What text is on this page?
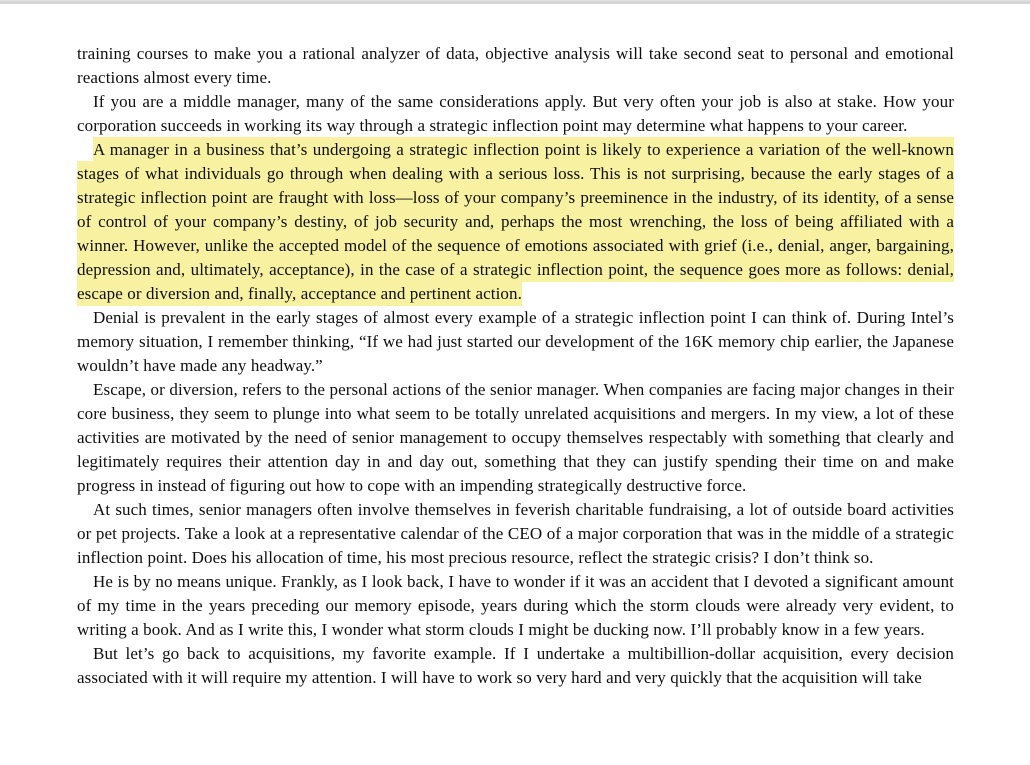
training courses to make you a rational analyzer of data, objective analysis will take second seat to personal and emotional reactions almost every time.

If you are a middle manager, many of the same considerations apply. But very often your job is also at stake. How your corporation succeeds in working its way through a strategic inflection point may determine what happens to your career.

A manager in a business that’s undergoing a strategic inflection point is likely to experience a variation of the well-known stages of what individuals go through when dealing with a serious loss. This is not surprising, because the early stages of a strategic inflection point are fraught with loss—loss of your company’s preeminence in the industry, of its identity, of a sense of control of your company’s destiny, of job security and, perhaps the most wrenching, the loss of being affiliated with a winner. However, unlike the accepted model of the sequence of emotions associated with grief (i.e., denial, anger, bargaining, depression and, ultimately, acceptance), in the case of a strategic inflection point, the sequence goes more as follows: denial, escape or diversion and, finally, acceptance and pertinent action.

Denial is prevalent in the early stages of almost every example of a strategic inflection point I can think of. During Intel’s memory situation, I remember thinking, “If we had just started our development of the 16K memory chip earlier, the Japanese wouldn’t have made any headway.”

Escape, or diversion, refers to the personal actions of the senior manager. When companies are facing major changes in their core business, they seem to plunge into what seem to be totally unrelated acquisitions and mergers. In my view, a lot of these activities are motivated by the need of senior management to occupy themselves respectably with something that clearly and legitimately requires their attention day in and day out, something that they can justify spending their time on and make progress in instead of figuring out how to cope with an impending strategically destructive force.

At such times, senior managers often involve themselves in feverish charitable fundraising, a lot of outside board activities or pet projects. Take a look at a representative calendar of the CEO of a major corporation that was in the middle of a strategic inflection point. Does his allocation of time, his most precious resource, reflect the strategic crisis? I don’t think so.

He is by no means unique. Frankly, as I look back, I have to wonder if it was an accident that I devoted a significant amount of my time in the years preceding our memory episode, years during which the storm clouds were already very evident, to writing a book. And as I write this, I wonder what storm clouds I might be ducking now. I’ll probably know in a few years.

But let’s go back to acquisitions, my favorite example. If I undertake a multibillion-dollar acquisition, every decision associated with it will require my attention. I will have to work so very hard and very quickly that the acquisition will take
